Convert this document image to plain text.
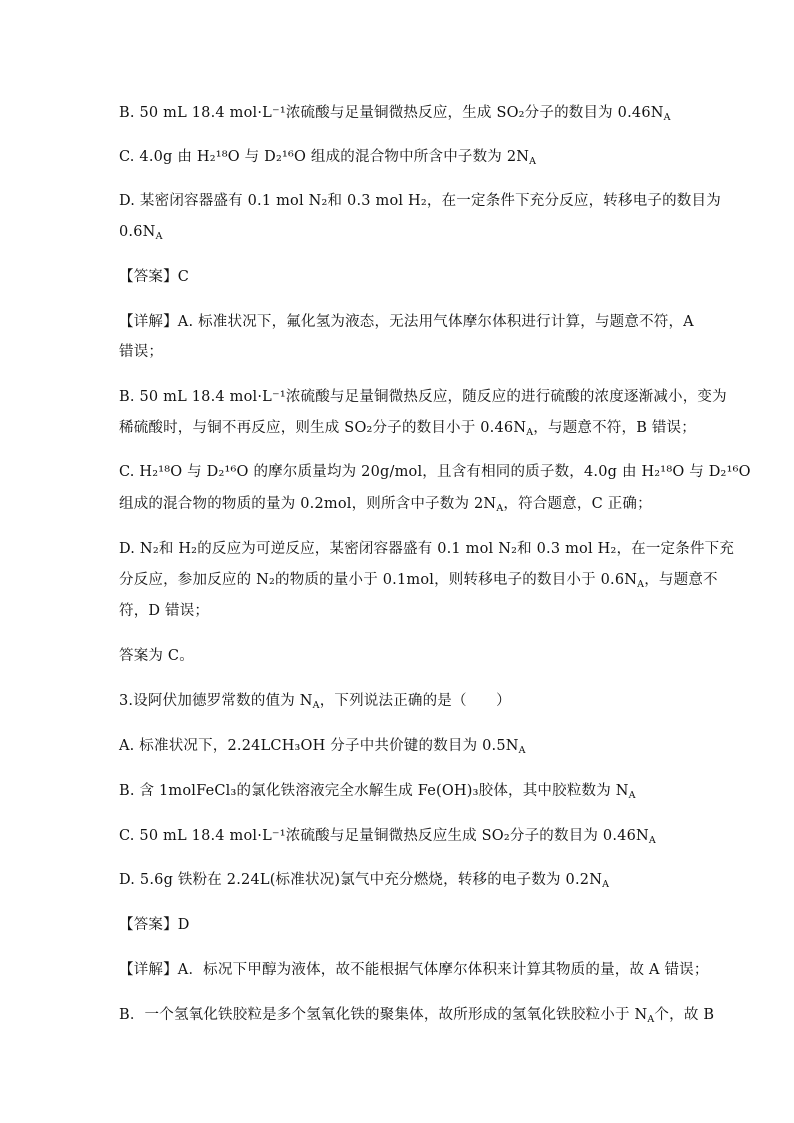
B. 50 mL 18.4 mol·L⁻¹浓硫酸与足量铜微热反应，生成 SO₂分子的数目为 $0.46N_A$
C. 4.0g 由 H₂¹⁸O 与 D₂¹⁶O 组成的混合物中所含中子数为 $2N_A$
D. 某密闭容器盛有 0.1 mol N₂和 0.3 mol H₂，在一定条件下充分反应，转移电子的数目为
$0.6N_A$
【答案】C
【详解】A. 标准状况下，氟化氢为液态，无法用气体摩尔体积进行计算，与题意不符，A
错误；
B. 50 mL 18.4 mol·L⁻¹浓硫酸与足量铜微热反应，随反应的进行硫酸的浓度逐渐减小，变为
稀硫酸时，与铜不再反应，则生成 SO₂分子的数目小于 $0.46N_A$，与题意不符，B 错误；
C. H₂¹⁸O 与 D₂¹⁶O 的摩尔质量均为 20g/mol，且含有相同的质子数，4.0g 由 H₂¹⁸O 与 D₂¹⁶O
组成的混合物的物质的量为 0.2mol，则所含中子数为 $2N_A$，符合题意，C 正确；
D. N₂和 H₂的反应为可逆反应，某密闭容器盛有 0.1 mol N₂和 0.3 mol H₂，在一定条件下充
分反应，参加反应的 N₂的物质的量小于 0.1mol，则转移电子的数目小于 $0.6N_A$，与题意不
符，D 错误；
答案为 C。
3.设阿伏加德罗常数的值为 $N_A$，下列说法正确的是（　　）
A. 标准状况下，2.24LCH₃OH 分子中共价键的数目为 $0.5N_A$
B. 含 1molFeCl₃的氯化铁溶液完全水解生成 Fe(OH)₃胶体，其中胶粒数为 $N_A$
C. 50 mL 18.4 mol·L⁻¹浓硫酸与足量铜微热反应生成 SO₂分子的数目为 $0.46N_A$
D. 5.6g 铁粉在 2.24L(标准状况)氯气中充分燃烧，转移的电子数为 $0.2N_A$
【答案】D
【详解】A．标况下甲醇为液体，故不能根据气体摩尔体积来计算其物质的量，故 A 错误；
B．一个氢氧化铁胶粒是多个氢氧化铁的聚集体，故所形成的氢氧化铁胶粒小于 $N_A$个，故 B
